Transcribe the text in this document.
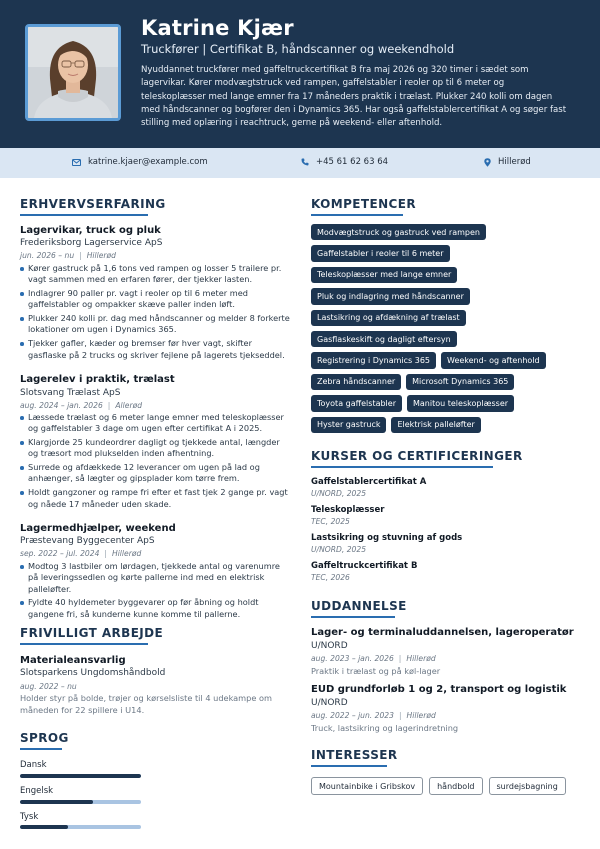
Katrine Kjær
Truckfører | Certifikat B, håndscanner og weekendhold
Nyuddannet truckfører med gaffeltruckcertifikat B fra maj 2026 og 320 timer i sædet som lagervikar. Kører modvægtstruck ved rampen, gaffelstabler i reoler op til 6 meter og teleskoplæsser med lange emner fra 17 måneders praktik i trælast. Plukker 240 kolli om dagen med håndscanner og bogfører den i Dynamics 365. Har også gaffelstablercertifikat A og søger fast stilling med oplæring i reachtruck, gerne på weekend- eller aftenhold.
katrine.kjaer@example.com	+45 61 62 63 64	Hillerød
ERHVERVSERFARING
Lagervikar, truck og pluk
Frederiksborg Lagerservice ApS
jun. 2026 – nu | Hillerød
Kører gastruck på 1,6 tons ved rampen og losser 5 trailere pr. vagt sammen med en erfaren fører, der tjekker lasten.
Indlagrer 90 paller pr. vagt i reoler op til 6 meter med gaffelstabler og ompakker skæve paller inden løft.
Plukker 240 kolli pr. dag med håndscanner og melder 8 forkerte lokationer om ugen i Dynamics 365.
Tjekker gafler, kæder og bremser før hver vagt, skifter gasflaske på 2 trucks og skriver fejlene på lagerets tjekseddel.
Lagerelev i praktik, trælast
Slotsvang Trælast ApS
aug. 2024 – jan. 2026 | Allerød
Læssede trælast og 6 meter lange emner med teleskoplæsser og gaffelstabler 3 dage om ugen efter certifikat A i 2025.
Klargjorde 25 kundeordrer dagligt og tjekkede antal, længder og træsort mod plukselden inden afhentning.
Surrede og afdækkede 12 leverancer om ugen på lad og anhænger, så lægter og gipsplader kom tørre frem.
Holdt gangzoner og rampe fri efter et fast tjek 2 gange pr. vagt og nåede 17 måneder uden skade.
Lagermedhjælper, weekend
Præstevang Byggecenter ApS
sep. 2022 – jul. 2024 | Hillerød
Modtog 3 lastbiler om lørdagen, tjekkede antal og varenumre på leveringssedlen og kørte pallerne ind med en elektrisk palleløfter.
Fyldte 40 hyldemeter byggevarer op før åbning og holdt gangene fri, så kunderne kunne komme til pallerne.
FRIVILLIGT ARBEJDE
Materialeansvarlig
Slotsparkens Ungdomshåndbold
aug. 2022 – nu
Holder styr på bolde, trøjer og kørselsliste til 4 udekampe om måneden for 22 spillere i U14.
SPROG
Dansk
Engelsk
Tysk
KOMPETENCER
Modvægtstruck og gastruck ved rampen
Gaffelstabler i reoler til 6 meter
Teleskoplæsser med lange emner
Pluk og indlagring med håndscanner
Lastsikring og afdækning af trælast
Gasflaskeskift og dagligt eftersyn
Registrering i Dynamics 365	Weekend- og aftenhold
Zebra håndscanner	Microsoft Dynamics 365
Toyota gaffelstabler	Manitou teleskoplæsser
Hyster gastruck	Elektrisk palleløfter
KURSER OG CERTIFICERINGER
Gaffelstablercertifikat A
U/NORD, 2025
Teleskoplæsser
TEC, 2025
Lastsikring og stuvning af gods
U/NORD, 2025
Gaffeltruckcertifikat B
TEC, 2026
UDDANNELSE
Lager- og terminaluddannelsen, lageroperatør
U/NORD
aug. 2023 – jan. 2026 | Hillerød
Praktik i trælast og på køl-lager
EUD grundforløb 1 og 2, transport og logistik
U/NORD
aug. 2022 – jun. 2023 | Hillerød
Truck, lastsikring og lagerindretning
INTERESSER
Mountainbike i Gribskov	håndbold	surdejsbagning
